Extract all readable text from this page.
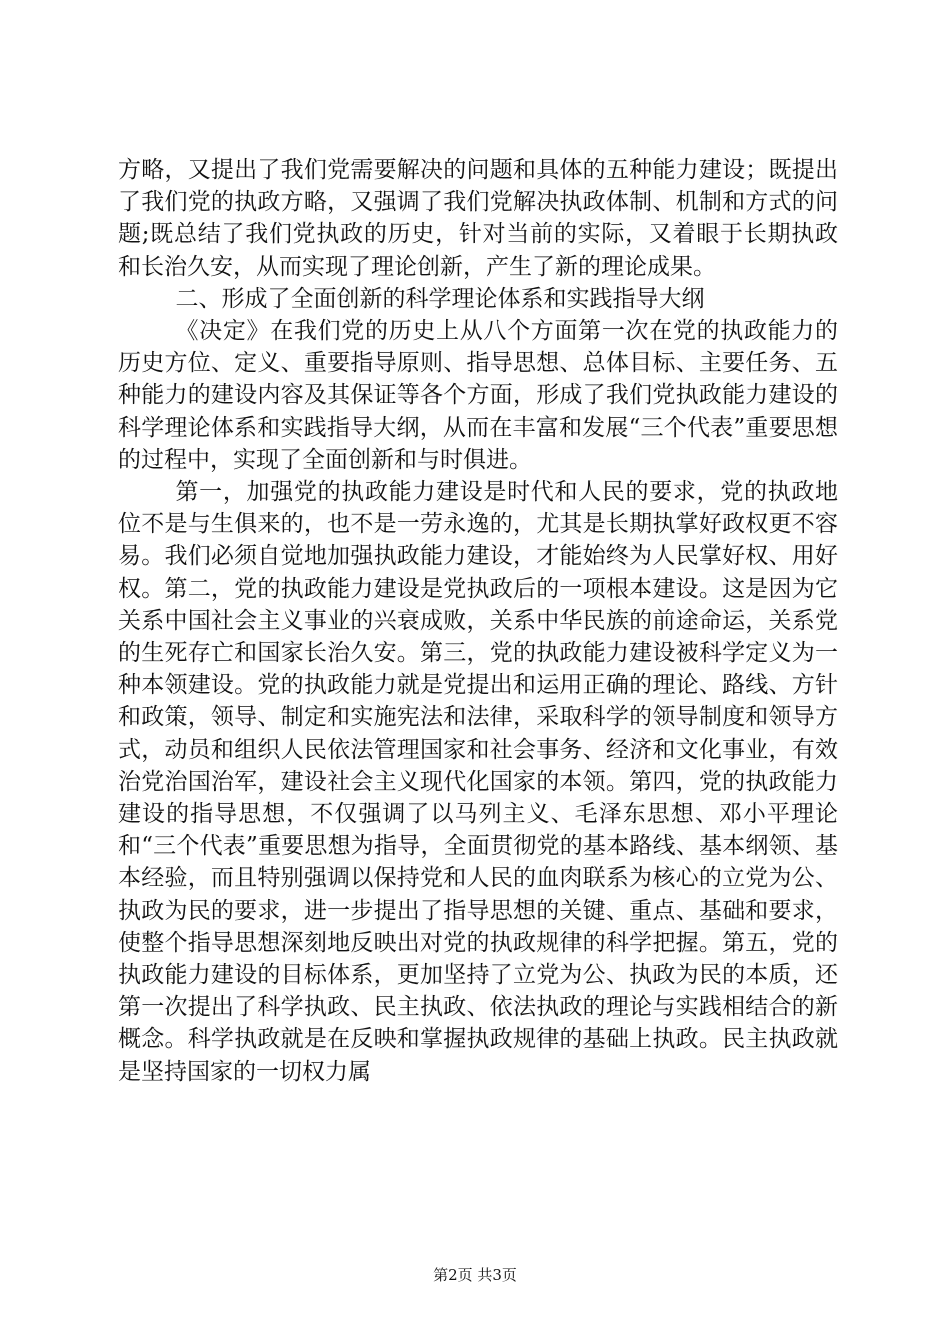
方略，又提出了我们党需要解决的问题和具体的五种能力建设；既提出了我们党的执政方略，又强调了我们党解决执政体制、机制和方式的问题;既总结了我们党执政的历史，针对当前的实际，又着眼于长期执政和长治久安，从而实现了理论创新，产生了新的理论成果。

二、形成了全面创新的科学理论体系和实践指导大纲

《决定》在我们党的历史上从八个方面第一次在党的执政能力的历史方位、定义、重要指导原则、指导思想、总体目标、主要任务、五种能力的建设内容及其保证等各个方面，形成了我们党执政能力建设的科学理论体系和实践指导大纲，从而在丰富和发展“三个代表”重要思想的过程中，实现了全面创新和与时俱进。

第一，加强党的执政能力建设是时代和人民的要求，党的执政地位不是与生俱来的，也不是一劳永逸的，尤其是长期执掌好政权更不容易。我们必须自觉地加强执政能力建设，才能始终为人民掌好权、用好权。第二，党的执政能力建设是党执政后的一项根本建设。这是因为它关系中国社会主义事业的兴衰成败，关系中华民族的前途命运，关系党的生死存亡和国家长治久安。第三，党的执政能力建设被科学定义为一种本领建设。党的执政能力就是党提出和运用正确的理论、路线、方针和政策，领导、制定和实施宪法和法律，采取科学的领导制度和领导方式，动员和组织人民依法管理国家和社会事务、经济和文化事业，有效治党治国治军，建设社会主义现代化国家的本领。第四，党的执政能力建设的指导思想，不仅强调了以马列主义、毛泽东思想、邓小平理论和“三个代表”重要思想为指导，全面贯彻党的基本路线、基本纲领、基本经验，而且特别强调以保持党和人民的血肉联系为核心的立党为公、执政为民的要求，进一步提出了指导思想的关键、重点、基础和要求，使整个指导思想深刻地反映出对党的执政规律的科学把握。第五，党的执政能力建设的目标体系，更加坚持了立党为公、执政为民的本质，还第一次提出了科学执政、民主执政、依法执政的理论与实践相结合的新概念。科学执政就是在反映和掌握执政规律的基础上执政。民主执政就是坚持国家的一切权力属

第2页 共3页
